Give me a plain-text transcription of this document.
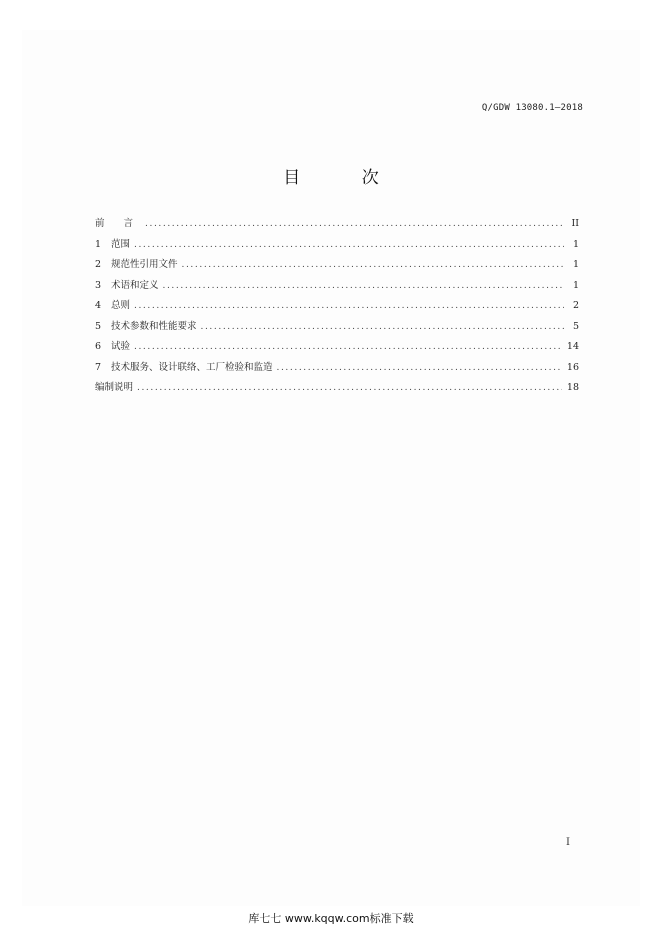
Q/GDW 13080.1—2018
目 次
前 言 .....	II
1	范围 .....	1
2	规范性引用文件 .....	1
3	术语和定义 .....	1
4	总则 .....	2
5	技术参数和性能要求 .....	5
6	试验 .....	14
7	技术服务、设计联络、工厂检验和监造 .....	16
编制说明 .....	18
I
库七七 www.kqqw.com标准下载
